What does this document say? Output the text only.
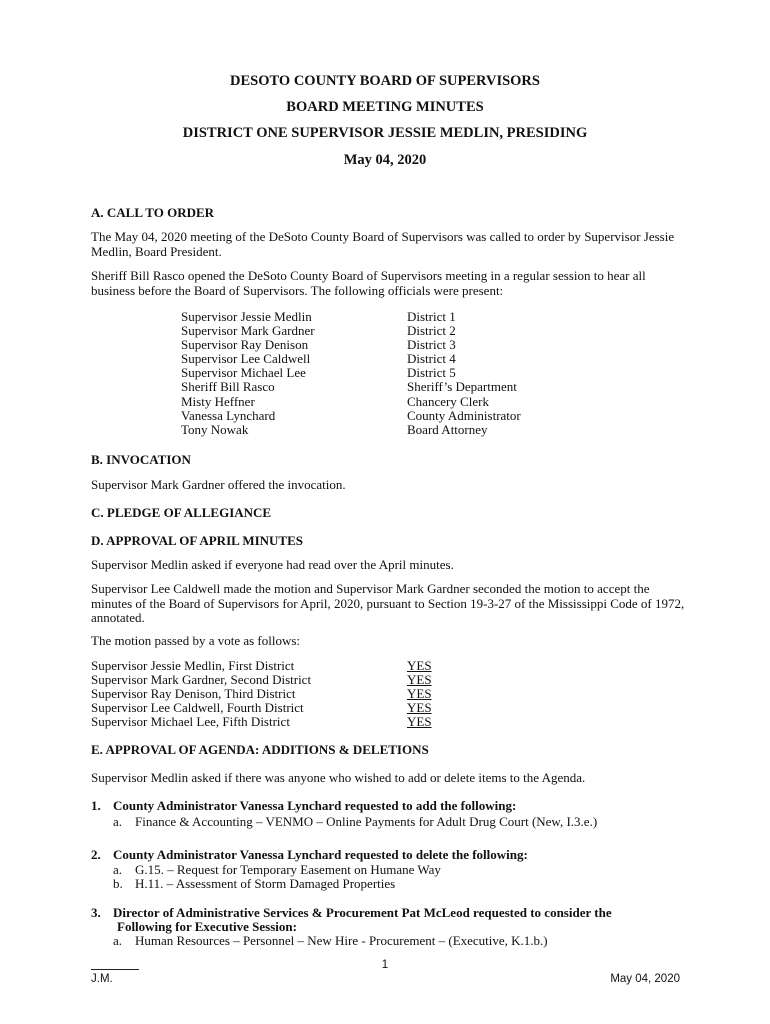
DESOTO COUNTY BOARD OF SUPERVISORS
BOARD MEETING MINUTES
DISTRICT ONE SUPERVISOR JESSIE MEDLIN, PRESIDING
May 04, 2020
A. CALL TO ORDER
The May 04, 2020 meeting of the DeSoto County Board of Supervisors was called to order by Supervisor Jessie Medlin, Board President.
Sheriff Bill Rasco opened the DeSoto County Board of Supervisors meeting in a regular session to hear all business before the Board of Supervisors. The following officials were present:
Supervisor Jessie Medlin
Supervisor Mark Gardner
Supervisor Ray Denison
Supervisor Lee Caldwell
Supervisor Michael Lee
Sheriff Bill Rasco
Misty Heffner
Vanessa Lynchard
Tony Nowak
District 1
District 2
District 3
District 4
District 5
Sheriff’s Department
Chancery Clerk
County Administrator
Board Attorney
B. INVOCATION
Supervisor Mark Gardner offered the invocation.
C. PLEDGE OF ALLEGIANCE
D. APPROVAL OF APRIL MINUTES
Supervisor Medlin asked if everyone had read over the April minutes.
Supervisor Lee Caldwell made the motion and Supervisor Mark Gardner seconded the motion to accept the minutes of the Board of Supervisors for April, 2020, pursuant to Section 19-3-27 of the Mississippi Code of 1972, annotated.
The motion passed by a vote as follows:
Supervisor Jessie Medlin, First District
Supervisor Mark Gardner, Second District
Supervisor Ray Denison, Third District
Supervisor Lee Caldwell, Fourth District
Supervisor Michael Lee, Fifth District
YES
YES
YES
YES
YES
E. APPROVAL OF AGENDA: ADDITIONS & DELETIONS
Supervisor Medlin asked if there was anyone who wished to add or delete items to the Agenda.
1. County Administrator Vanessa Lynchard requested to add the following:
a. Finance & Accounting – VENMO – Online Payments for Adult Drug Court (New, I.3.e.)
2. County Administrator Vanessa Lynchard requested to delete the following:
a. G.15. – Request for Temporary Easement on Humane Way
b. H.11. – Assessment of Storm Damaged Properties
3. Director of Administrative Services & Procurement Pat McLeod requested to consider the
Following for Executive Session:
a. Human Resources – Personnel – New Hire - Procurement – (Executive, K.1.b.)
1
J.M.	May 04, 2020
